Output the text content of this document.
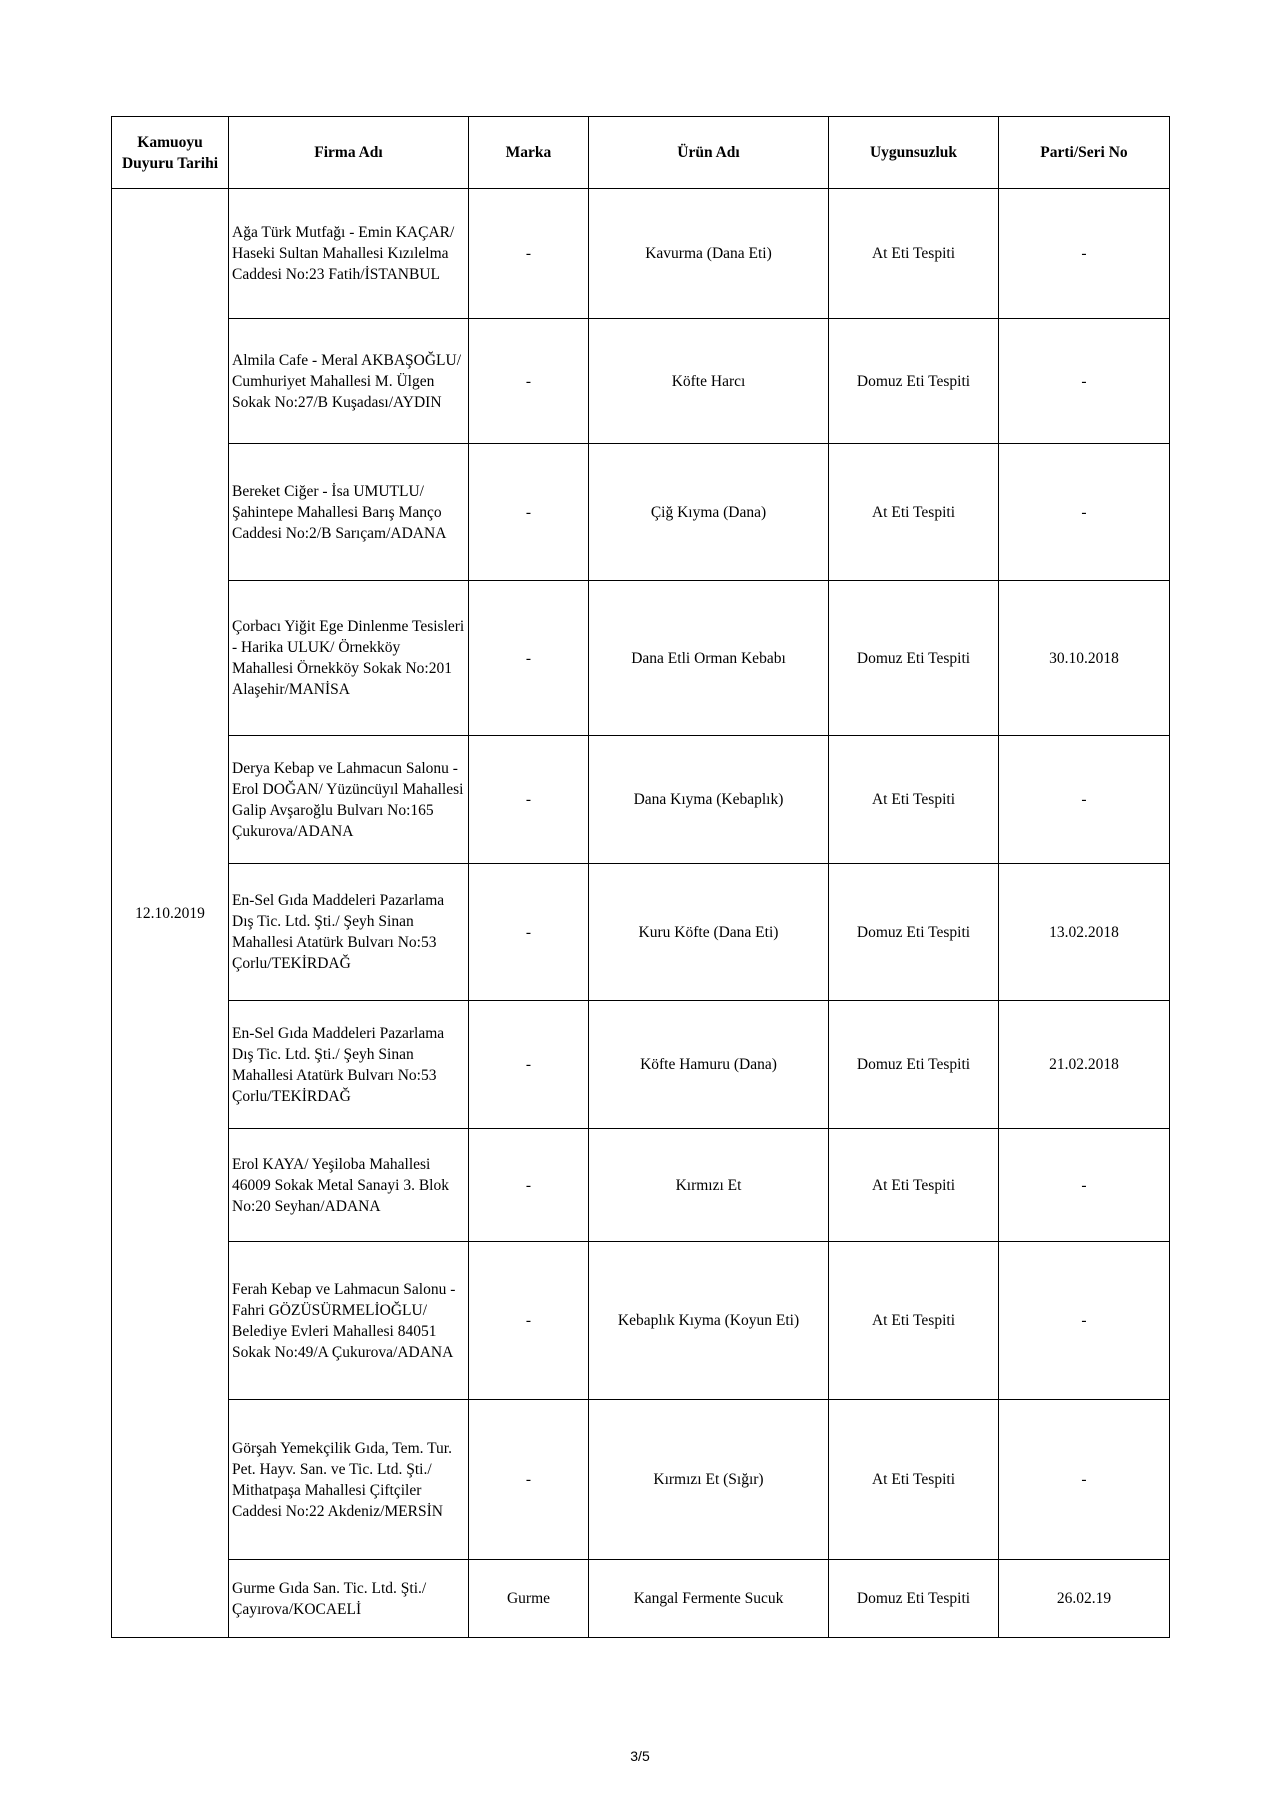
Kamuoyu Duyuru Tarihi	Firma Adı	Marka	Ürün Adı	Uygunsuzluk	Parti/Seri No
12.10.2019	Ağa Türk Mutfağı - Emin KAÇAR/ Haseki Sultan Mahallesi Kızılelma Caddesi No:23 Fatih/İSTANBUL	-	Kavurma (Dana Eti)	At Eti Tespiti	-
	Almila Cafe - Meral AKBAŞOĞLU/ Cumhuriyet Mahallesi M. Ülgen Sokak No:27/B Kuşadası/AYDIN	-	Köfte Harcı	Domuz Eti Tespiti	-
	Bereket Ciğer - İsa UMUTLU/ Şahintepe Mahallesi Barış Manço Caddesi No:2/B Sarıçam/ADANA	-	Çiğ Kıyma (Dana)	At Eti Tespiti	-
	Çorbacı Yiğit Ege Dinlenme Tesisleri - Harika ULUK/ Örnekköy Mahallesi Örnekköy Sokak No:201 Alaşehir/MANİSA	-	Dana Etli Orman Kebabı	Domuz Eti Tespiti	30.10.2018
	Derya Kebap ve Lahmacun Salonu - Erol DOĞAN/ Yüzüncüyıl Mahallesi Galip Avşaroğlu Bulvarı No:165 Çukurova/ADANA	-	Dana Kıyma (Kebaplık)	At Eti Tespiti	-
	En-Sel Gıda Maddeleri Pazarlama Dış Tic. Ltd. Şti./ Şeyh Sinan Mahallesi Atatürk Bulvarı No:53 Çorlu/TEKİRDAĞ	-	Kuru Köfte (Dana Eti)	Domuz Eti Tespiti	13.02.2018
	En-Sel Gıda Maddeleri Pazarlama Dış Tic. Ltd. Şti./ Şeyh Sinan Mahallesi Atatürk Bulvarı No:53 Çorlu/TEKİRDAĞ	-	Köfte Hamuru (Dana)	Domuz Eti Tespiti	21.02.2018
	Erol KAYA/ Yeşiloba Mahallesi 46009 Sokak Metal Sanayi 3. Blok No:20 Seyhan/ADANA	-	Kırmızı Et	At Eti Tespiti	-
	Ferah Kebap ve Lahmacun Salonu - Fahri GÖZÜSÜRMELİOĞLU/ Belediye Evleri Mahallesi 84051 Sokak No:49/A Çukurova/ADANA	-	Kebaplık Kıyma (Koyun Eti)	At Eti Tespiti	-
	Görşah Yemekçilik Gıda, Tem. Tur. Pet. Hayv. San. ve Tic. Ltd. Şti./ Mithatpaşa Mahallesi Çiftçiler Caddesi No:22 Akdeniz/MERSİN	-	Kırmızı Et (Sığır)	At Eti Tespiti	-
	Gurme Gıda San. Tic. Ltd. Şti./ Çayırova/KOCAELİ	Gurme	Kangal Fermente Sucuk	Domuz Eti Tespiti	26.02.19
3/5
